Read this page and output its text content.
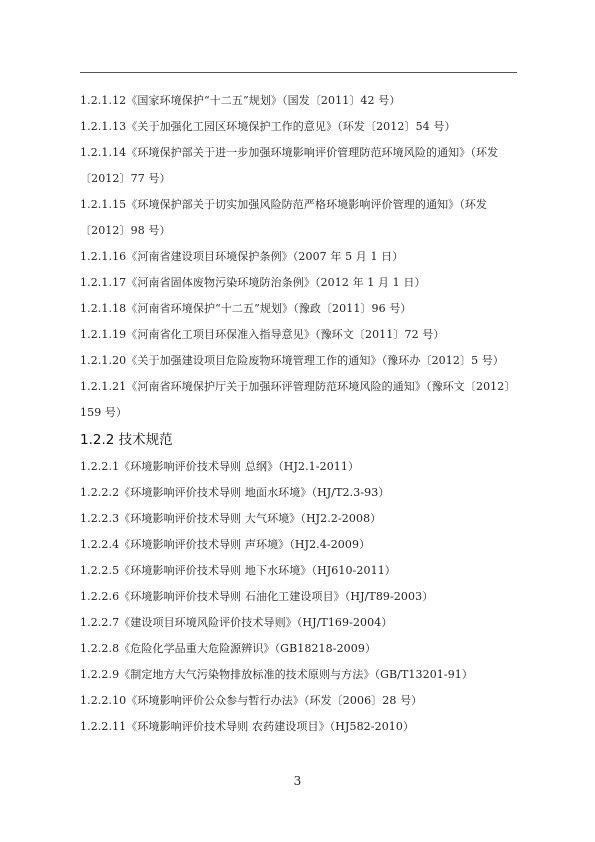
1.2.1.12《国家环境保护“十二五”规划》（国发〔2011〕42 号）

1.2.1.13《关于加强化工园区环境保护工作的意见》（环发〔2012〕54 号）

1.2.1.14《环境保护部关于进一步加强环境影响评价管理防范环境风险的通知》（环发〔2012〕77 号）

1.2.1.15《环境保护部关于切实加强风险防范严格环境影响评价管理的通知》（环发〔2012〕98 号）

1.2.1.16《河南省建设项目环境保护条例》（2007 年 5 月 1 日）

1.2.1.17《河南省固体废物污染环境防治条例》（2012 年 1 月 1 日）

1.2.1.18《河南省环境保护“十二五”规划》（豫政〔2011〕96 号）

1.2.1.19《河南省化工项目环保准入指导意见》（豫环文〔2011〕72 号）

1.2.1.20《关于加强建设项目危险废物环境管理工作的通知》（豫环办〔2012〕5 号）

1.2.1.21《河南省环境保护厅关于加强环评管理防范环境风险的通知》（豫环文〔2012〕159 号）

1.2.2 技术规范

1.2.2.1《环境影响评价技术导则 总纲》（HJ2.1-2011）

1.2.2.2《环境影响评价技术导则 地面水环境》（HJ/T2.3-93）

1.2.2.3《环境影响评价技术导则 大气环境》（HJ2.2-2008）

1.2.2.4《环境影响评价技术导则 声环境》（HJ2.4-2009）

1.2.2.5《环境影响评价技术导则 地下水环境》（HJ610-2011）

1.2.2.6《环境影响评价技术导则 石油化工建设项目》（HJ/T89-2003）

1.2.2.7《建设项目环境风险评价技术导则》（HJ/T169-2004）

1.2.2.8《危险化学品重大危险源辨识》（GB18218-2009）

1.2.2.9《制定地方大气污染物排放标准的技术原则与方法》（GB/T13201-91）

1.2.2.10《环境影响评价公众参与暂行办法》（环发〔2006〕28 号）

1.2.2.11《环境影响评价技术导则 农药建设项目》（HJ582-2010）

3
